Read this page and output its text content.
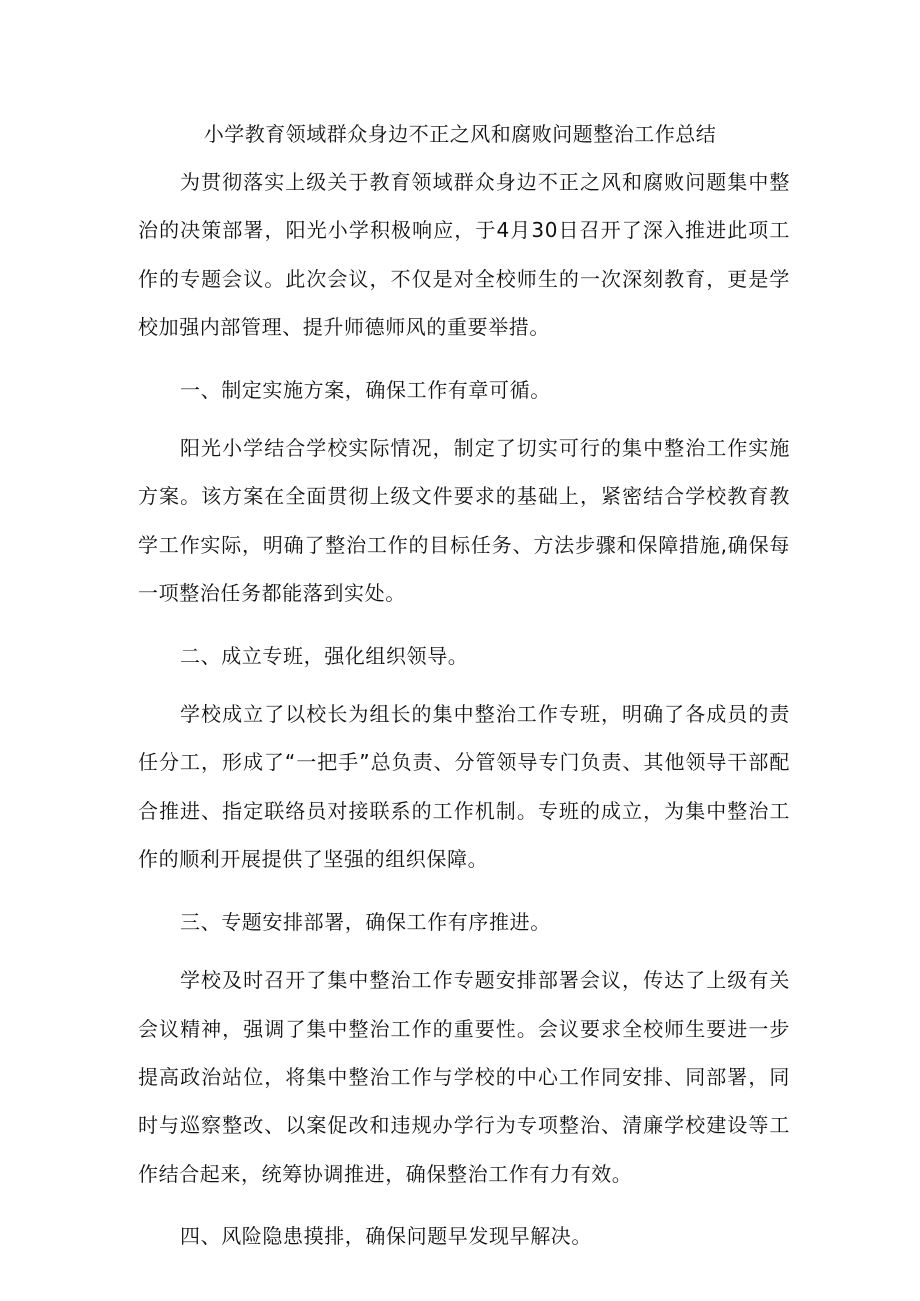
小学教育领域群众身边不正之风和腐败问题整治工作总结

为贯彻落实上级关于教育领域群众身边不正之风和腐败问题集中整治的决策部署，阳光小学积极响应，于4月30日召开了深入推进此项工作的专题会议。此次会议，不仅是对全校师生的一次深刻教育，更是学校加强内部管理、提升师德师风的重要举措。

一、制定实施方案，确保工作有章可循。

阳光小学结合学校实际情况，制定了切实可行的集中整治工作实施方案。该方案在全面贯彻上级文件要求的基础上，紧密结合学校教育教学工作实际，明确了整治工作的目标任务、方法步骤和保障措施,确保每一项整治任务都能落到实处。

二、成立专班，强化组织领导。

学校成立了以校长为组长的集中整治工作专班，明确了各成员的责任分工，形成了“一把手”总负责、分管领导专门负责、其他领导干部配合推进、指定联络员对接联系的工作机制。专班的成立，为集中整治工作的顺利开展提供了坚强的组织保障。

三、专题安排部署，确保工作有序推进。

学校及时召开了集中整治工作专题安排部署会议，传达了上级有关会议精神，强调了集中整治工作的重要性。会议要求全校师生要进一步提高政治站位，将集中整治工作与学校的中心工作同安排、同部署，同时与巡察整改、以案促改和违规办学行为专项整治、清廉学校建设等工作结合起来，统筹协调推进，确保整治工作有力有效。

四、风险隐患摸排，确保问题早发现早解决。
